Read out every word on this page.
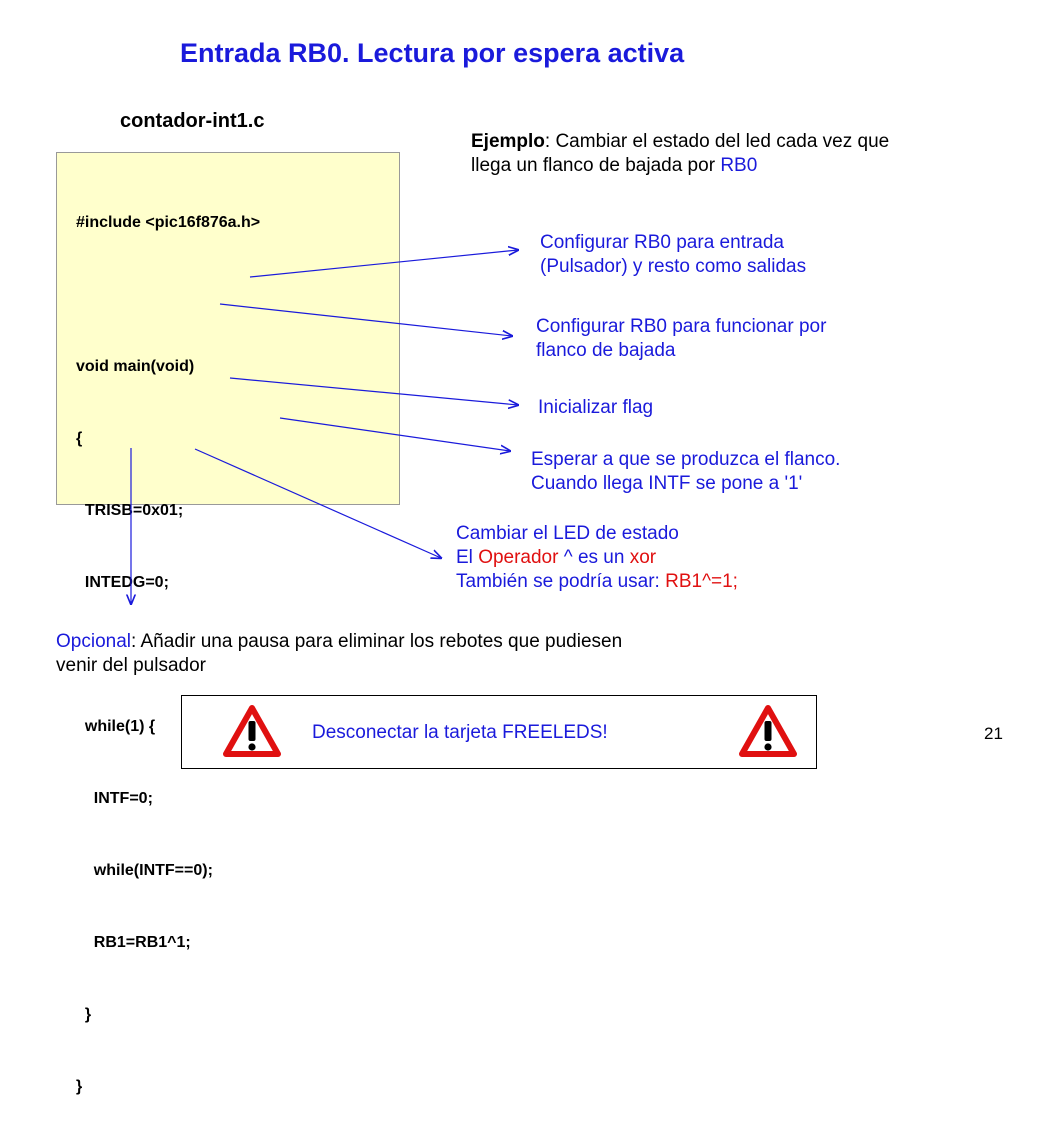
Entrada RB0. Lectura por espera activa
contador-int1.c

#include <pic16f876a.h>

void main(void)

{

TRISB=0x01;

INTEDG=0;

while(1) {

INTF=0;

while(INTF==0);

RB1=RB1^1;

}

}

Ejemplo: Cambiar el estado del led cada vez que
llega un flanco de bajada por RB0
Configurar RB0 para entrada
(Pulsador) y resto como salidas
Configurar RB0 para funcionar por
flanco de bajada
Inicializar flag
Esperar a que se produzca el flanco.
Cuando llega INTF se pone a '1'
Cambiar el LED de estado
El Operador ^ es un xor
También se podría usar: RB1^=1;
Opcional: Añadir una pausa para eliminar los rebotes que pudiesen
venir del pulsador
Desconectar la tarjeta FREELEDS!	21
